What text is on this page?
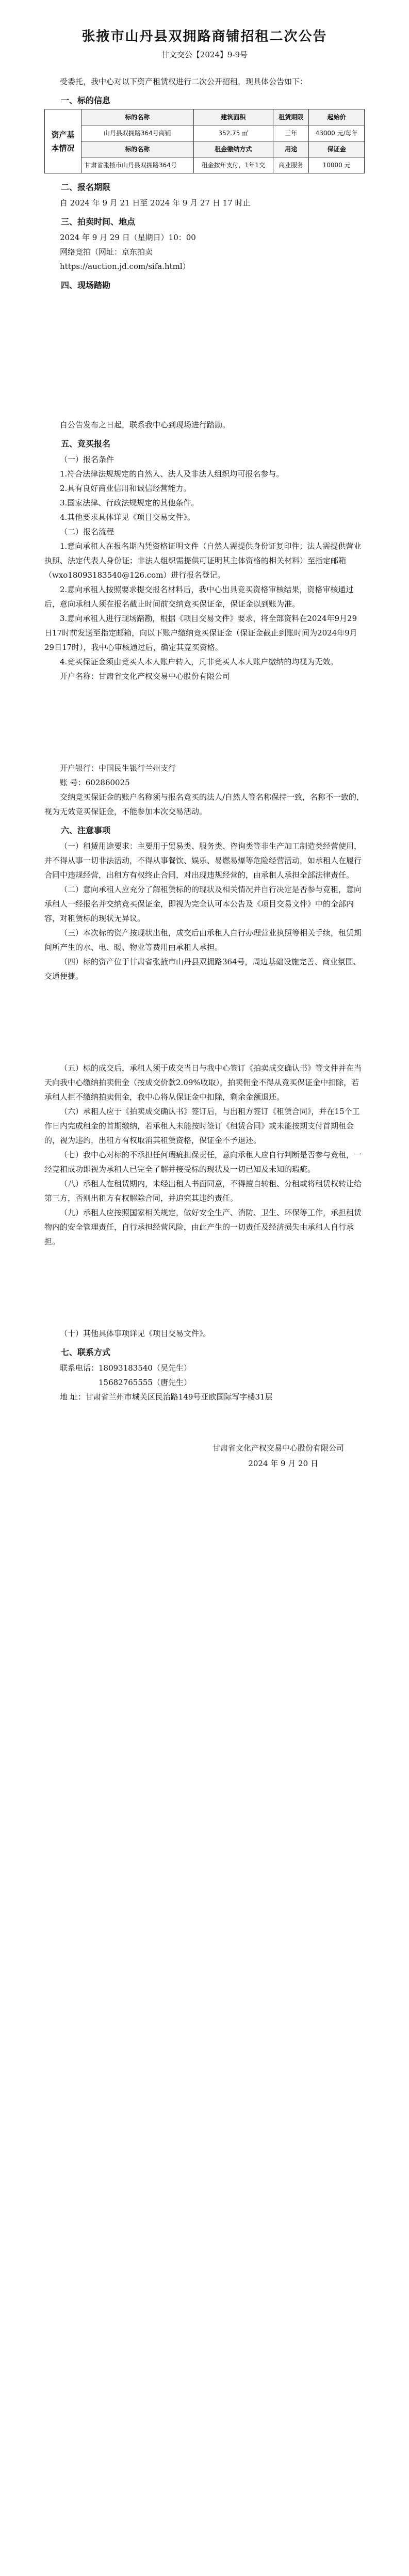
张掖市山丹县双拥路商铺招租二次公告
甘文交公【2024】9-9号

受委托，我中心对以下资产租赁权进行二次公开招租，现具体公告如下：

一、标的信息
资产基本情况	标的名称	建筑面积	租赁期限	起始价
	山丹县双拥路364号商铺	352.75 ㎡	三年	43000 元/每年
	标的名称	租金缴纳方式	用途	保证金
	甘肃省张掖市山丹县双拥路364号	租金按年支付，1年1交	商业服务	10000 元
二、报名期限

自 2024 年 9 月 21 日至 2024 年 9 月 27 日 17 时止

三、拍卖时间、地点

2024 年 9 月 29 日（星期日）10：00

网络竞拍（网址：京东拍卖

https://auction.jd.com/sifa.html）

四、现场踏勘

自公告发布之日起，联系我中心到现场进行踏勘。

五、竞买报名

（一）报名条件

1.符合法律法规规定的自然人、法人及非法人组织均可报名参与。

2.具有良好商业信用和诚信经营能力。

3.国家法律、行政法规规定的其他条件。

4.其他要求具体详见《项目交易文件》。

（二）报名流程

1.意向承租人在报名期内凭资格证明文件（自然人需提供身份证复印件；法人需提供营业执照、法定代表人身份证；非法人组织需提供可证明其主体资格的相关材料）至指定邮箱（wxo18093183540@126.com）进行报名登记。

2.意向承租人按照要求提交报名材料后，我中心出具竞买资格审核结果，资格审核通过后，意向承租人须在报名截止时间前交纳竞买保证金，保证金以到账为准。

3.意向承租人进行现场踏勘，根据《项目交易文件》要求，将全部资料在2024年9月29日17时前发送至指定邮箱，向以下账户缴纳竞买保证金（保证金截止到账时间为2024年9月29日17时），我中心审核通过后，确定其竞买资格。

4.竞买保证金须由竞买人本人账户转入，凡非竞买人本人账户缴纳的均视为无效。

开户名称：甘肃省文化产权交易中心股份有限公司

开户银行：中国民生银行兰州支行

账 号：602860025

交纳竞买保证金的账户名称须与报名竞买的法人/自然人等名称保持一致，名称不一致的，视为无效竞买保证金，不能参加本次交易活动。

六、注意事项

（一）租赁用途要求：主要用于贸易类、服务类、咨询类等非生产加工制造类经营使用，并不得从事一切非法活动，不得从事餐饮、娱乐、易燃易爆等危险经营活动，如承租人在履行合同中违规经营，出租方有权终止合同，对出现违规经营的，由承租人承担全部法律责任。

（二）意向承租人应充分了解租赁标的的现状及相关情况并自行决定是否参与竞租，意向承租人一经报名并交纳竞买保证金，即视为完全认可本公告及《项目交易文件》中的全部内容，对租赁标的现状无异议。

（三）本次标的资产按现状出租，成交后由承租人自行办理营业执照等相关手续，租赁期间所产生的水、电、暖、物业等费用由承租人承担。

（四）标的资产位于甘肃省张掖市山丹县双拥路364号，周边基础设施完善、商业氛围、交通便捷。

（五）标的成交后，承租人须于成交当日与我中心签订《拍卖成交确认书》等文件并在当天向我中心缴纳拍卖佣金（按成交价款2.09%收取），拍卖佣金不得从竞买保证金中扣除，若承租人拒不缴纳拍卖佣金，我中心将从保证金中扣除，剩余金额退还。

（六）承租人应于《拍卖成交确认书》签订后，与出租方签订《租赁合同》，并在15个工作日内完成租金的首期缴纳，若承租人未能按时签订《租赁合同》或未能按期支付首期租金的，视为违约，出租方有权取消其租赁资格，保证金不予退还。

（七）我中心对标的不承担任何瑕疵担保责任，意向承租人应自行判断是否参与竞租，一经竞租成功即视为承租人已完全了解并接受标的现状及一切已知及未知的瑕疵。

（八）承租人在租赁期内，未经出租人书面同意，不得擅自转租、分租或将租赁权转让给第三方，否则出租方有权解除合同，并追究其违约责任。

（九）承租人应按照国家相关规定，做好安全生产、消防、卫生、环保等工作，承担租赁物内的安全管理责任，自行承担经营风险，由此产生的一切责任及经济损失由承租人自行承担。

（十）其他具体事项详见《项目交易文件》。

七、联系方式

联系电话：18093183540（吴先生）

15682765555（唐先生）

地 址：甘肃省兰州市城关区民治路149号亚欧国际写字楼31层

甘肃省文化产权交易中心股份有限公司
2024 年 9 月 20 日
